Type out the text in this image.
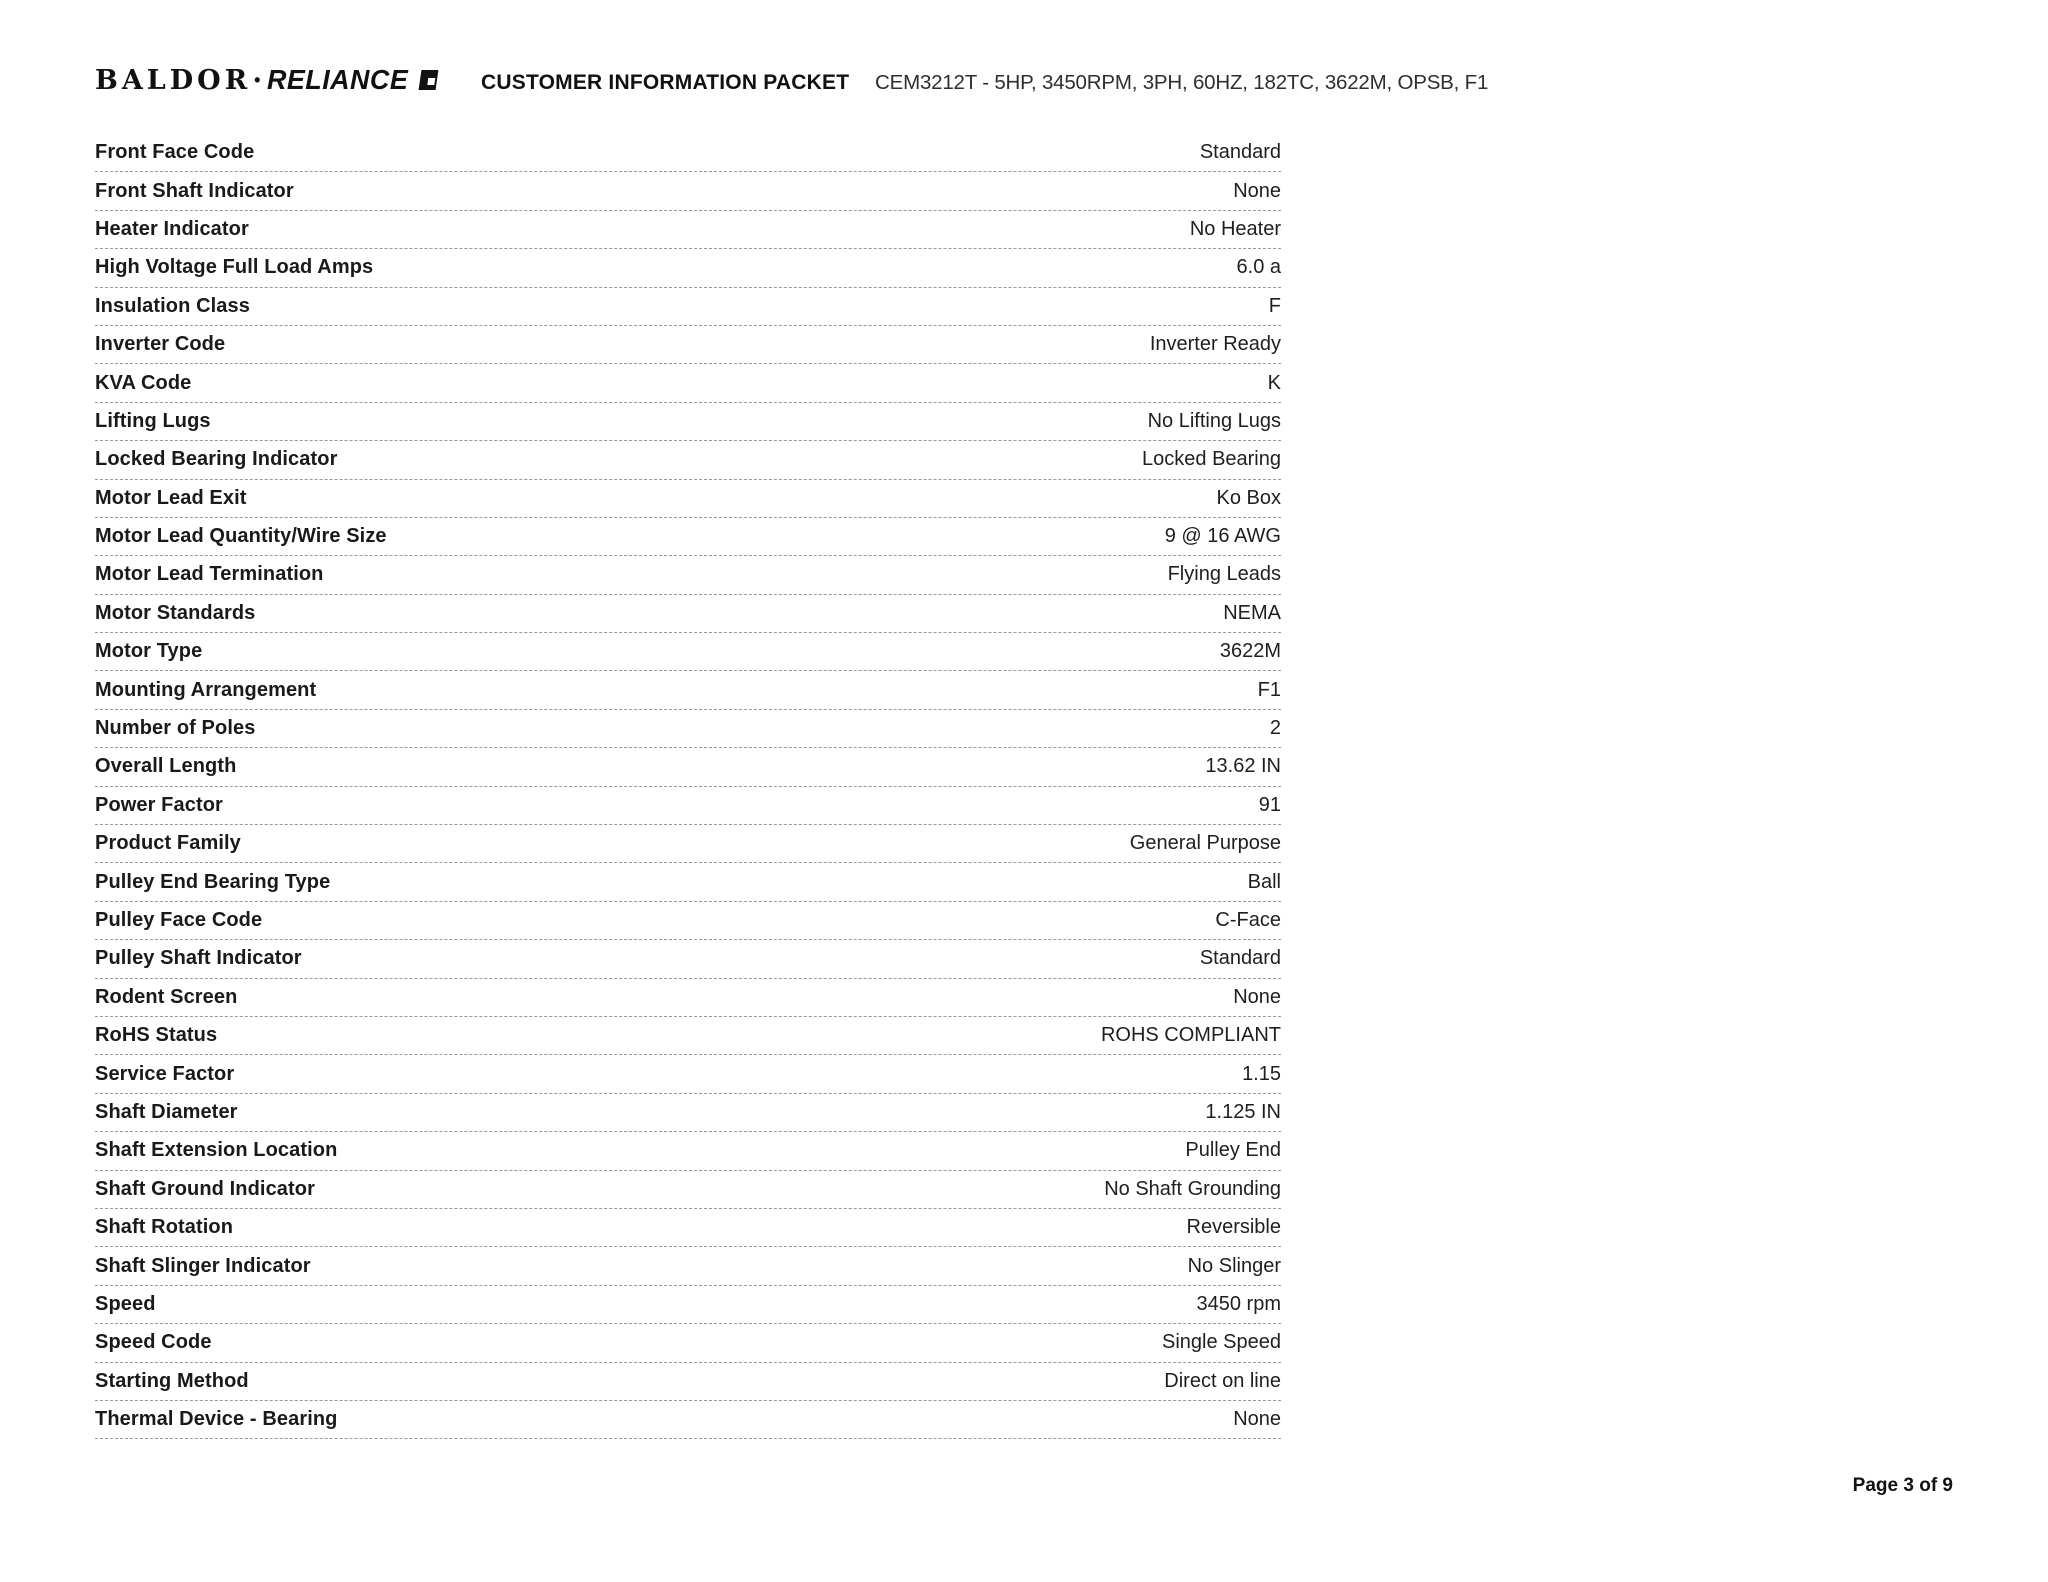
BALDOR • RELIANCE	CUSTOMER INFORMATION PACKET CEM3212T - 5HP, 3450RPM, 3PH, 60HZ, 182TC, 3622M, OPSB, F1
Front Face Code	Standard
Front Shaft Indicator	None
Heater Indicator	No Heater
High Voltage Full Load Amps	6.0 a
Insulation Class	F
Inverter Code	Inverter Ready
KVA Code	K
Lifting Lugs	No Lifting Lugs
Locked Bearing Indicator	Locked Bearing
Motor Lead Exit	Ko Box
Motor Lead Quantity/Wire Size	9 @ 16 AWG
Motor Lead Termination	Flying Leads
Motor Standards	NEMA
Motor Type	3622M
Mounting Arrangement	F1
Number of Poles	2
Overall Length	13.62 IN
Power Factor	91
Product Family	General Purpose
Pulley End Bearing Type	Ball
Pulley Face Code	C-Face
Pulley Shaft Indicator	Standard
Rodent Screen	None
RoHS Status	ROHS COMPLIANT
Service Factor	1.15
Shaft Diameter	1.125 IN
Shaft Extension Location	Pulley End
Shaft Ground Indicator	No Shaft Grounding
Shaft Rotation	Reversible
Shaft Slinger Indicator	No Slinger
Speed	3450 rpm
Speed Code	Single Speed
Starting Method	Direct on line
Thermal Device - Bearing	None
Page 3 of 9
